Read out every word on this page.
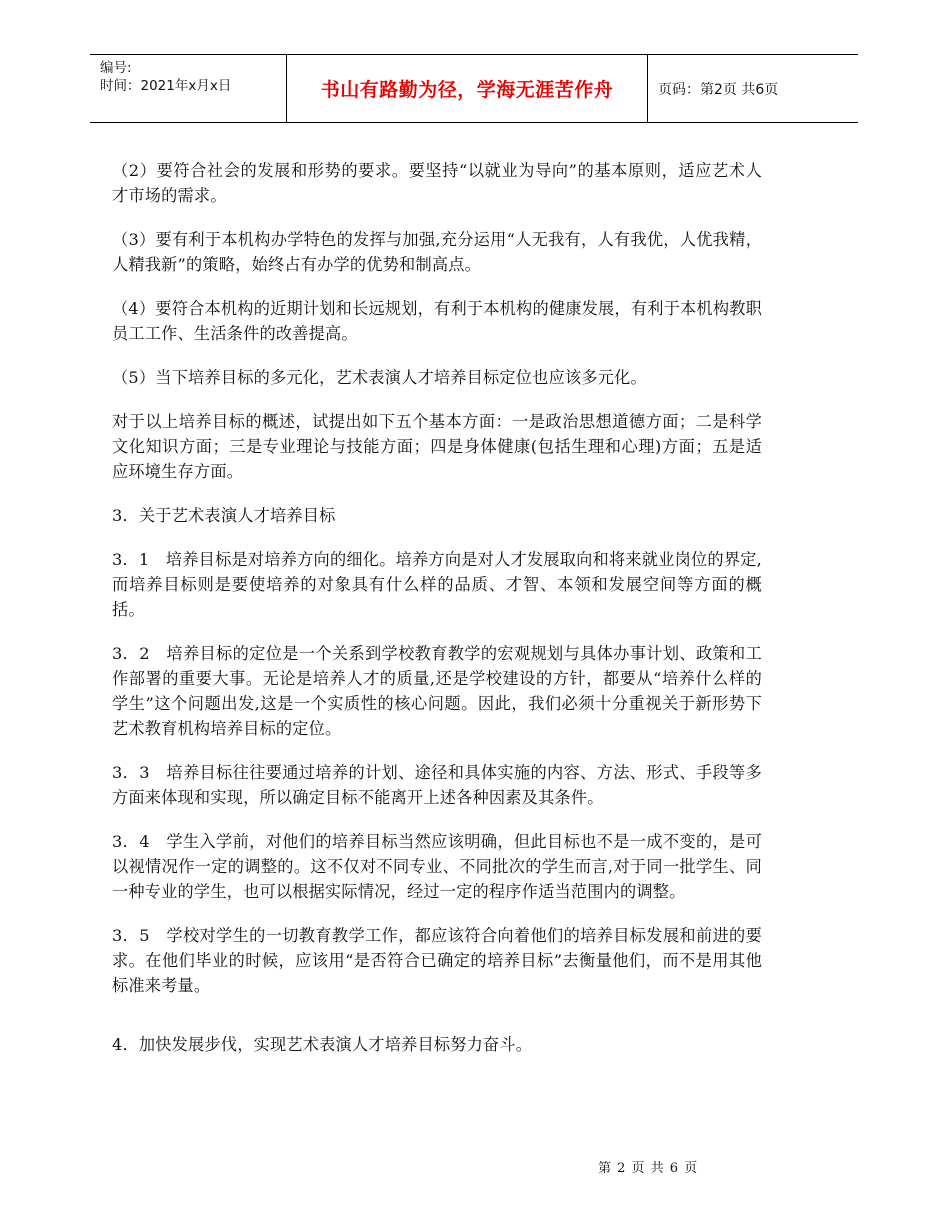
编号:
时间：2021年x月x日	书山有路勤为径，学海无涯苦作舟	页码：第2页 共6页

（2）要符合社会的发展和形势的要求。要坚持“以就业为导向”的基本原则，适应艺术人才市场的需求。

（3）要有利于本机构办学特色的发挥与加强,充分运用“人无我有，人有我优，人优我精，人精我新”的策略，始终占有办学的优势和制高点。

（4）要符合本机构的近期计划和长远规划，有利于本机构的健康发展，有利于本机构教职员工工作、生活条件的改善提高。

（5）当下培养目标的多元化，艺术表演人才培养目标定位也应该多元化。

对于以上培养目标的概述，试提出如下五个基本方面：一是政治思想道德方面；二是科学文化知识方面；三是专业理论与技能方面；四是身体健康(包括生理和心理)方面；五是适应环境生存方面。

3．关于艺术表演人才培养目标

3．1　培养目标是对培养方向的细化。培养方向是对人才发展取向和将来就业岗位的界定,而培养目标则是要使培养的对象具有什么样的品质、才智、本领和发展空间等方面的概括。

3．2　培养目标的定位是一个关系到学校教育教学的宏观规划与具体办事计划、政策和工作部署的重要大事。无论是培养人才的质量,还是学校建设的方针，都要从“培养什么样的学生”这个问题出发,这是一个实质性的核心问题。因此，我们必须十分重视关于新形势下艺术教育机构培养目标的定位。

3．3　培养目标往往要通过培养的计划、途径和具体实施的内容、方法、形式、手段等多方面来体现和实现，所以确定目标不能离开上述各种因素及其条件。

3．4　学生入学前，对他们的培养目标当然应该明确，但此目标也不是一成不变的，是可以视情况作一定的调整的。这不仅对不同专业、不同批次的学生而言,对于同一批学生、同一种专业的学生，也可以根据实际情况，经过一定的程序作适当范围内的调整。

3．5　学校对学生的一切教育教学工作，都应该符合向着他们的培养目标发展和前进的要求。在他们毕业的时候，应该用“是否符合已确定的培养目标”去衡量他们，而不是用其他标准来考量。

4．加快发展步伐，实现艺术表演人才培养目标努力奋斗。

第 2 页 共 6 页
